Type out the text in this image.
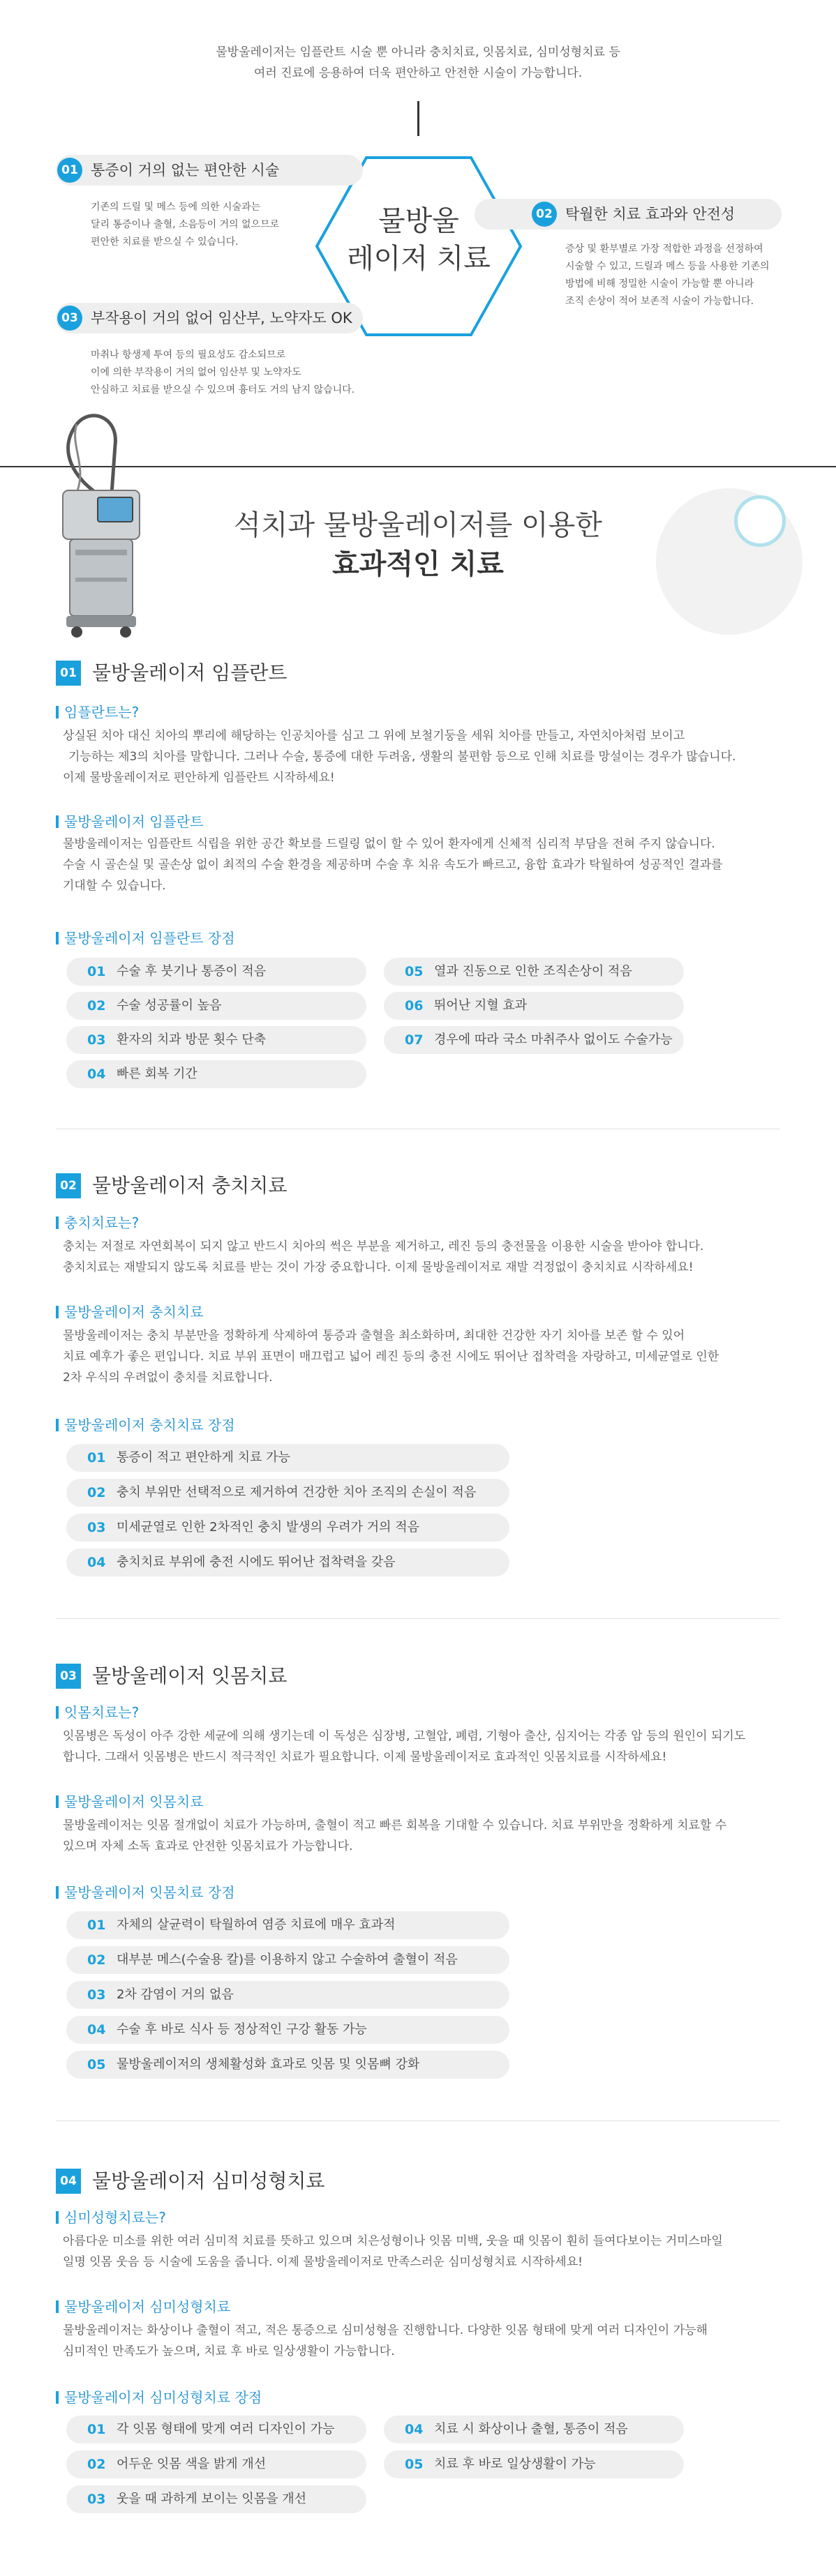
물방울레이저는 임플란트 시술 뿐 아니라 충치치료, 잇몸치료, 심미성형치료 등
여러 진료에 응용하여 더욱 편안하고 안전한 시술이 가능합니다.
물방울
레이저 치료
01 통증이 거의 없는 편안한 시술
기존의 드릴 및 메스 등에 의한 시술과는
달리 통증이나 출혈, 소음등이 거의 없으므로
편안한 치료를 받으실 수 있습니다.
02 탁월한 치료 효과와 안전성
증상 및 환부별로 가장 적합한 과정을 선정하여
시술할 수 있고, 드릴과 메스 등을 사용한 기존의
방법에 비해 정밀한 시술이 가능할 뿐 아니라
조직 손상이 적어 보존적 시술이 가능합니다.
03 부작용이 거의 없어 임산부, 노약자도 OK
마취나 항생제 투여 등의 필요성도 감소되므로
이에 의한 부작용이 거의 없어 임산부 및 노약자도
안심하고 치료를 받으실 수 있으며 흉터도 거의 남지 않습니다.
석치과 물방울레이저를 이용한
효과적인 치료
01 물방울레이저 임플란트
임플란트는?
상실된 치아 대신 치아의 뿌리에 해당하는 인공치아를 심고 그 위에 보철기둥을 세워 치아를 만들고, 자연치아처럼 보이고
기능하는 제3의 치아를 말합니다. 그러나 수술, 통증에 대한 두려움, 생활의 불편함 등으로 인해 치료를 망설이는 경우가 많습니다.
이제 물방울레이저로 편안하게 임플란트 시작하세요!
물방울레이저 임플란트
물방울레이저는 임플란트 식립을 위한 공간 확보를 드릴링 없이 할 수 있어 환자에게 신체적 심리적 부담을 전혀 주지 않습니다.
수술 시 골손실 및 골손상 없이 최적의 수술 환경을 제공하며 수술 후 치유 속도가 빠르고, 융합 효과가 탁월하여 성공적인 결과를
기대할 수 있습니다.
물방울레이저 임플란트 장점
01 수술 후 붓기나 통증이 적음
02 수술 성공률이 높음
03 환자의 치과 방문 횟수 단축
04 빠른 회복 기간
05 열과 진동으로 인한 조직손상이 적음
06 뛰어난 지혈 효과
07 경우에 따라 국소 마취주사 없이도 수술가능
02 물방울레이저 충치치료
충치치료는?
충치는 저절로 자연회복이 되지 않고 반드시 치아의 썩은 부분을 제거하고, 레진 등의 충전물을 이용한 시술을 받아야 합니다.
충치치료는 재발되지 않도록 치료를 받는 것이 가장 중요합니다. 이제 물방울레이저로 재발 걱정없이 충치치료 시작하세요!
물방울레이저 충치치료
물방울레이저는 충치 부분만을 정확하게 삭제하여 통증과 출혈을 최소화하며, 최대한 건강한 자기 치아를 보존 할 수 있어
치료 예후가 좋은 편입니다. 치료 부위 표면이 매끄럽고 넓어 레진 등의 충전 시에도 뛰어난 접착력을 자랑하고, 미세균열로 인한
2차 우식의 우려없이 충치를 치료합니다.
물방울레이저 충치치료 장점
01 통증이 적고 편안하게 치료 가능
02 충치 부위만 선택적으로 제거하여 건강한 치아 조직의 손실이 적음
03 미세균열로 인한 2차적인 충치 발생의 우려가 거의 적음
04 충치치료 부위에 충전 시에도 뛰어난 접착력을 갖음
03 물방울레이저 잇몸치료
잇몸치료는?
잇몸병은 독성이 아주 강한 세균에 의해 생기는데 이 독성은 심장병, 고혈압, 폐렴, 기형아 출산, 심지어는 각종 암 등의 원인이 되기도
합니다. 그래서 잇몸병은 반드시 적극적인 치료가 필요합니다. 이제 물방울레이저로 효과적인 잇몸치료를 시작하세요!
물방울레이저 잇몸치료
물방울레이저는 잇몸 절개없이 치료가 가능하며, 출혈이 적고 빠른 회복을 기대할 수 있습니다. 치료 부위만을 정확하게 치료할 수
있으며 자체 소독 효과로 안전한 잇몸치료가 가능합니다.
물방울레이저 잇몸치료 장점
01 자체의 살균력이 탁월하여 염증 치료에 매우 효과적
02 대부분 메스(수술용 칼)를 이용하지 않고 수술하여 출혈이 적음
03 2차 감염이 거의 없음
04 수술 후 바로 식사 등 정상적인 구강 활동 가능
05 물방울레이저의 생체활성화 효과로 잇몸 및 잇몸뼈 강화
04 물방울레이저 심미성형치료
심미성형치료는?
아름다운 미소를 위한 여러 심미적 치료를 뜻하고 있으며 치은성형이나 잇몸 미백, 웃을 때 잇몸이 훤히 들여다보이는 거미스마일
일명 잇몸 웃음 등 시술에 도움을 줍니다. 이제 물방울레이저로 만족스러운 심미성형치료 시작하세요!
물방울레이저 심미성형치료
물방울레이저는 화상이나 출혈이 적고, 적은 통증으로 심미성형을 진행합니다. 다양한 잇몸 형태에 맞게 여러 디자인이 가능해
심미적인 만족도가 높으며, 치료 후 바로 일상생활이 가능합니다.
물방울레이저 심미성형치료 장점
01 각 잇몸 형태에 맞게 여러 디자인이 가능
02 어두운 잇몸 색을 밝게 개선
03 웃을 때 과하게 보이는 잇몸을 개선
04 치료 시 화상이나 출혈, 통증이 적음
05 치료 후 바로 일상생활이 가능
